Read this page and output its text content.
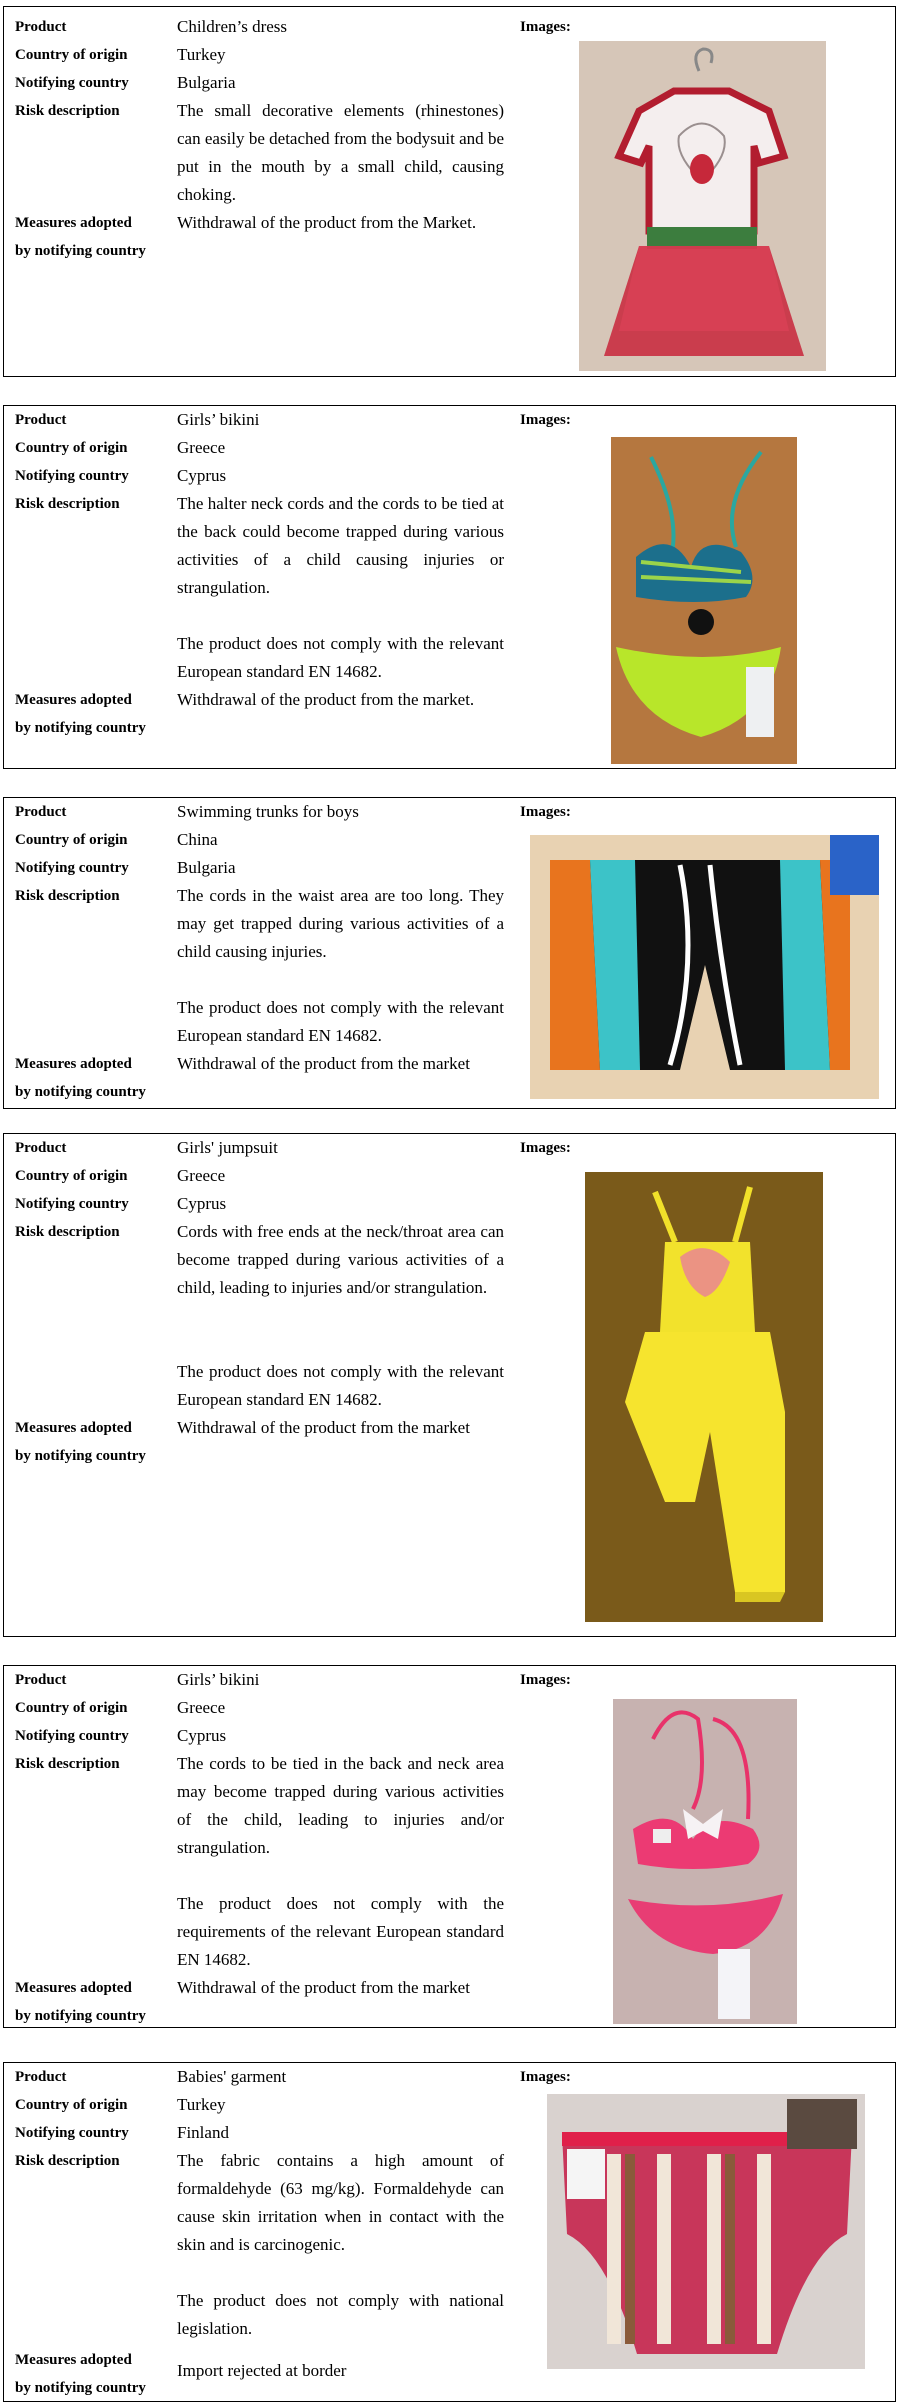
Product
Country of origin
Notifying country
Risk description
Measures adopted
by notifying country
Children’s dress
Turkey
Bulgaria
The small decorative elements (rhinestones) can easily be detached from the bodysuit and be put in the mouth by a small child, causing choking.
Withdrawal of the product from the Market.
Images:
Product
Country of origin
Notifying country
Risk description
Measures adopted
by notifying country
Girls’ bikini
Greece
Cyprus
The halter neck cords and the cords to be tied at the back could become trapped during various activities of a child causing injuries or strangulation.
The product does not comply with the relevant European standard EN 14682.
Withdrawal of the product from the market.
Images:
Product
Country of origin
Notifying country
Risk description
Measures adopted
by notifying country
Swimming trunks for boys
China
Bulgaria
The cords in the waist area are too long. They may get trapped during various activities of a child causing injuries.
The product does not comply with the relevant European standard EN 14682.
Withdrawal of the product from the market
Images:
Product
Country of origin
Notifying country
Risk description
Measures adopted
by notifying country
Girls' jumpsuit
Greece
Cyprus
Cords with free ends at the neck/throat area can become trapped during various activities of a child, leading to injuries and/or strangulation.
The product does not comply with the relevant European standard EN 14682.
Withdrawal of the product from the market
Images:
Product
Country of origin
Notifying country
Risk description
Measures adopted
by notifying country
Girls’ bikini
Greece
Cyprus
The cords to be tied in the back and neck area may become trapped during various activities of the child, leading to injuries and/or strangulation.
The product does not comply with the requirements of the relevant European standard EN 14682.
Withdrawal of the product from the market
Images:
Product
Country of origin
Notifying country
Risk description
Measures adopted
by notifying country
Babies' garment
Turkey
Finland
The fabric contains a high amount of formaldehyde (63 mg/kg). Formaldehyde can cause skin irritation when in contact with the skin and is carcinogenic.
The product does not comply with national legislation.
Import rejected at border
Images:
